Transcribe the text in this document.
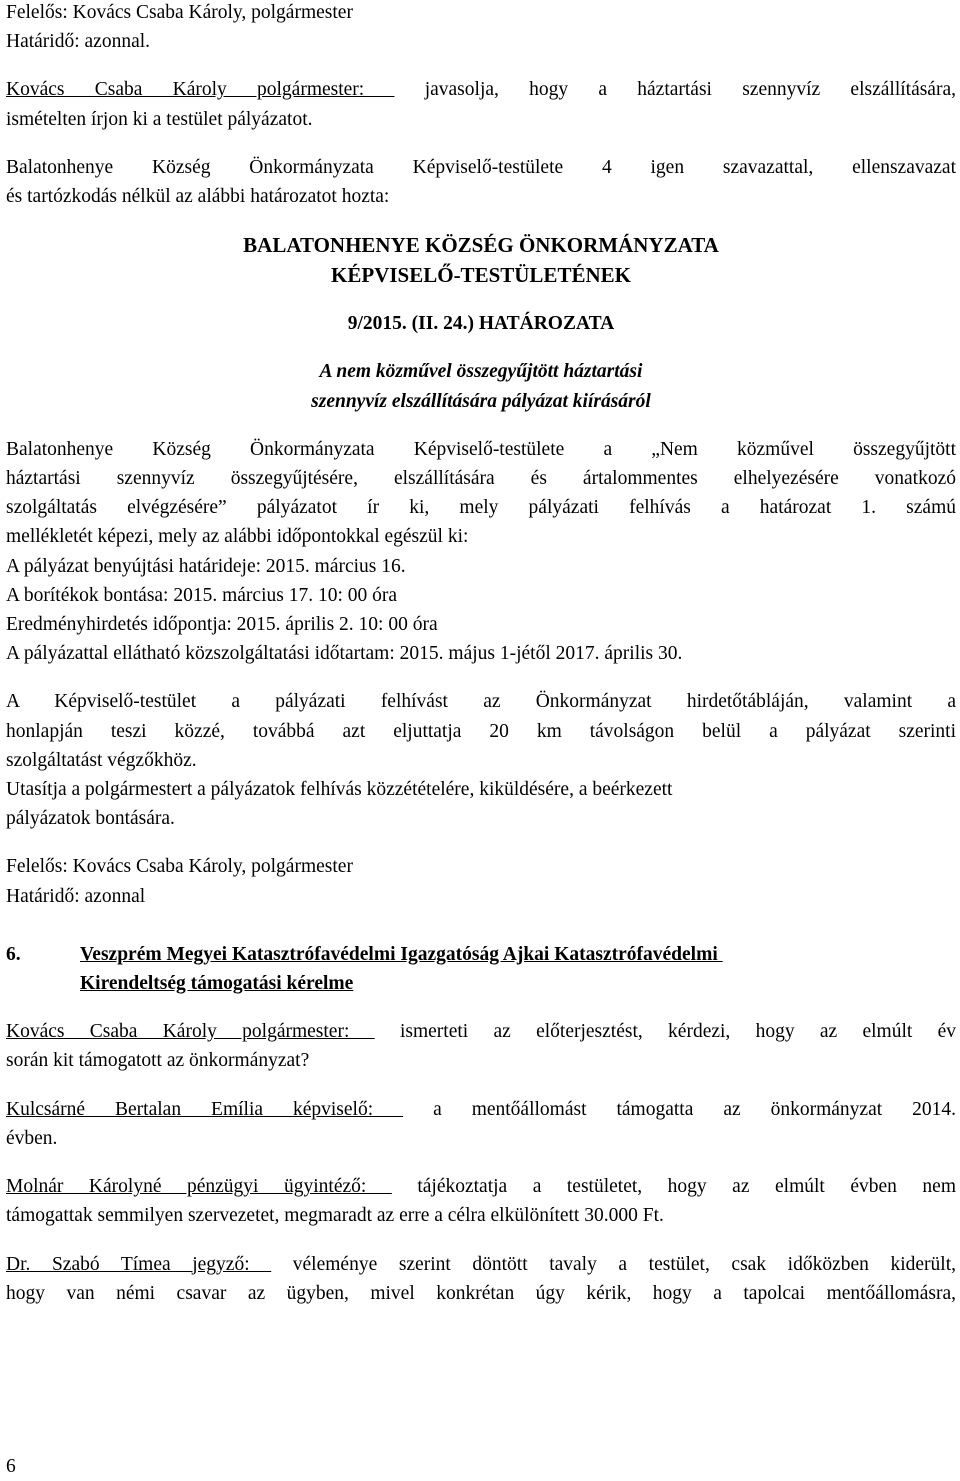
Felelős: Kovács Csaba Károly, polgármester

Határidő: azonnal.

Kovács Csaba Károly polgármester:  javasolja, hogy a háztartási szennyvíz elszállítására,

ismételten írjon ki a testület pályázatot.

Balatonhenye Község Önkormányzata Képviselő-testülete 4 igen szavazattal, ellenszavazat

és tartózkodás nélkül az alábbi határozatot hozta:

BALATONHENYE KÖZSÉG ÖNKORMÁNYZATA

KÉPVISELŐ-TESTÜLETÉNEK

9/2015. (II. 24.) HATÁROZATA

A nem közművel összegyűjtött háztartási

szennyvíz elszállítására pályázat kiírásáról

Balatonhenye Község Önkormányzata Képviselő-testülete a „Nem közművel összegyűjtött

háztartási szennyvíz összegyűjtésére, elszállítására és ártalommentes elhelyezésére vonatkozó

szolgáltatás elvégzésére” pályázatot ír ki, mely pályázati felhívás a határozat 1. számú

mellékletét képezi, mely az alábbi időpontokkal egészül ki:

A pályázat benyújtási határideje: 2015. március 16.

A borítékok bontása: 2015. március 17. 10: 00 óra

Eredményhirdetés időpontja: 2015. április 2. 10: 00 óra

A pályázattal ellátható közszolgáltatási időtartam: 2015. május 1-jétől 2017. április 30.

A Képviselő-testület a pályázati felhívást az Önkormányzat hirdetőtábláján, valamint a

honlapján teszi közzé, továbbá azt eljuttatja 20 km távolságon belül a pályázat szerinti

szolgáltatást végzőkhöz.

Utasítja a polgármestert a pályázatok felhívás közzétételére, kiküldésére, a beérkezett

pályázatok bontására.

Felelős: Kovács Csaba Károly, polgármester

Határidő: azonnal

6.	Veszprém Megyei Katasztrófavédelmi Igazgatóság Ajkai Katasztrófavédelmi

Kirendeltség támogatási kérelme

Kovács Csaba Károly polgármester:  ismerteti az előterjesztést, kérdezi, hogy az elmúlt év

során kit támogatott az önkormányzat?

Kulcsárné Bertalan Emília képviselő:  a mentőállomást támogatta az önkormányzat 2014.

évben.

Molnár Károlyné pénzügyi ügyintéző:  tájékoztatja a testületet, hogy az elmúlt évben nem

támogattak semmilyen szervezetet, megmaradt az erre a célra elkülönített 30.000 Ft.

Dr. Szabó Tímea jegyző:  véleménye szerint döntött tavaly a testület, csak időközben kiderült,

hogy van némi csavar az ügyben, mivel konkrétan úgy kérik, hogy a tapolcai mentőállomásra,

6
